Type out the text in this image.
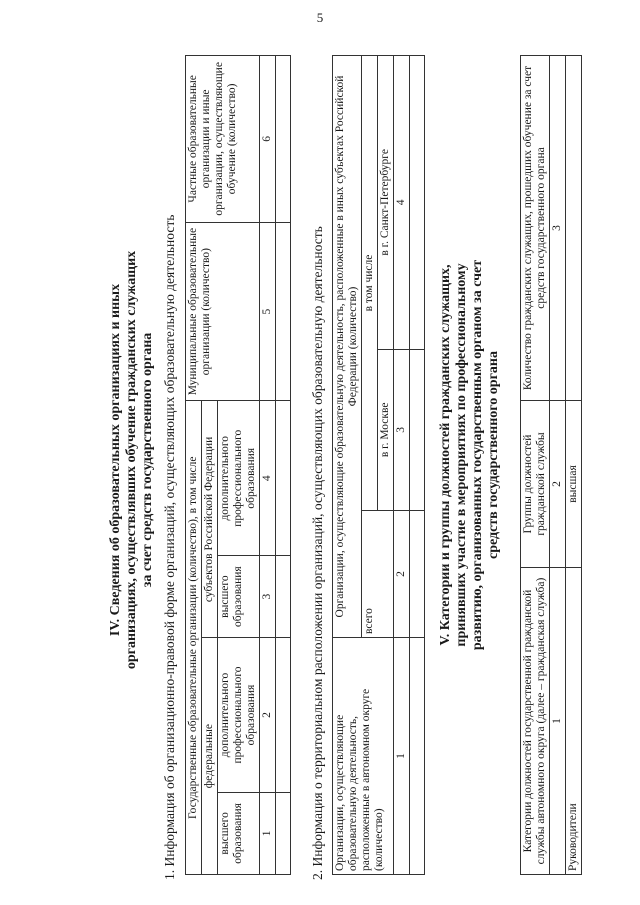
5
IV. Сведения об образовательных организациях и иных организациях, осуществлявших обучение гражданских служащих за счет средств государственного органа 1. Информация об организационно-правовой форме организаций, осуществляющих образовательную деятельность Государственные образовательные организации (количество), в том числе				Муниципальные образовательные организации (количество)	Частные образовательные организации и иные организации, осуществляющие обучение (количество)
федеральные		субъектов Российской Федерации			
высшего образования	дополнительного профессионального образования	высшего образования	дополнительного профессионального образования		
1	2	3	4	5	6

2. Информация о территориальном расположении организаций, осуществляющих образовательную деятельность Организации, осуществляющие образовательную деятельность, расположенные в автономном округе (количество)	Организации, осуществляющие образовательную деятельность, расположенные в иных субъектах Российской Федерации (количество)		
	всего	в том числе	
		в г. Москве	в г. Санкт-Петербурге
1	2	3	4

V. Категории и группы должностей гражданских служащих, принявших участие в мероприятиях по профессиональному развитию, организованных государственным органом за счет средств государственного органа
Категории должностей государственной гражданской службы автономного округа (далее – гражданская служба)	Группы должностей гражданской службы	Количество гражданских служащих, прошедших обучение за счет средств государственного органа
1	2	3
Руководители	высшая	
